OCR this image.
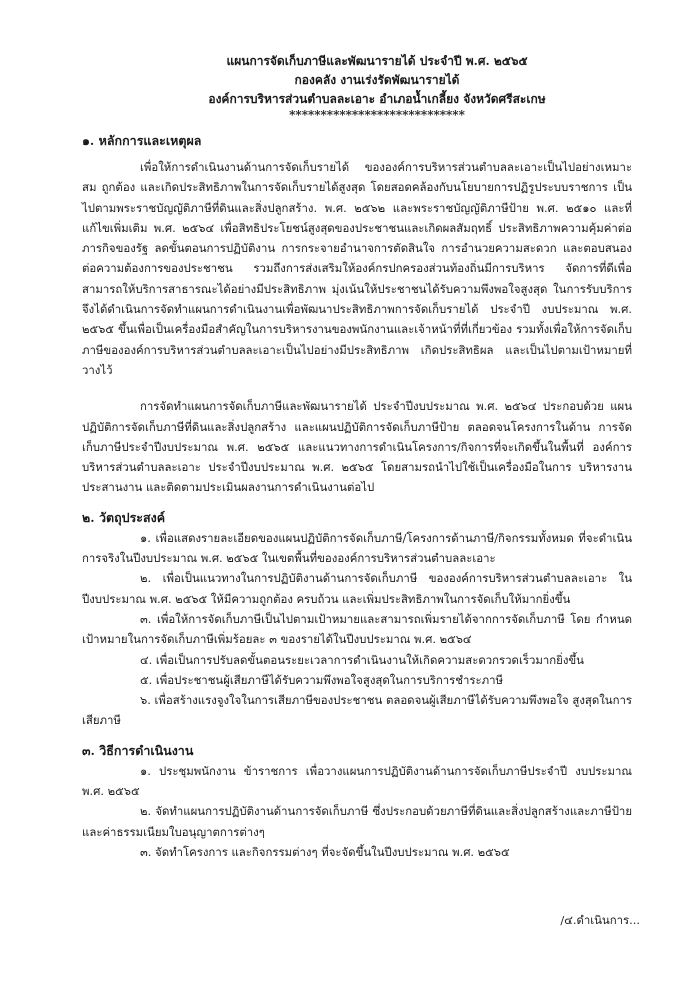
แผนการจัดเก็บภาษีและพัฒนารายได้ ประจำปี พ.ศ. ๒๕๖๕
กองคลัง งานเร่งรัดพัฒนารายได้
องค์การบริหารส่วนตำบลละเอาะ อำเภอน้ำเกลี้ยง จังหวัดศรีสะเกษ
****************************
๑. หลักการและเหตุผล

เพื่อให้การดำเนินงานด้านการจัดเก็บรายได้ ขององค์การบริหารส่วนตำบลละเอาะเป็นไปอย่างเหมาะสม ถูกต้อง และเกิดประสิทธิภาพในการจัดเก็บรายได้สูงสุด โดยสอดคล้องกับนโยบายการปฏิรูประบบราชการ เป็นไปตามพระราชบัญญัติภาษีที่ดินและสิ่งปลูกสร้าง. พ.ศ. ๒๕๖๒ และพระราชบัญญัติภาษีป้าย พ.ศ. ๒๕๑๐ และที่แก้ไขเพิ่มเติม พ.ศ. ๒๕๖๔ เพื่อสิทธิประโยชน์สูงสุดของประชาชนและเกิดผลสัมฤทธิ์ ประสิทธิภาพความคุ้มค่าต่อภารกิจของรัฐ ลดขั้นตอนการปฏิบัติงาน การกระจายอำนาจการตัดสินใจ การอำนวยความสะดวก และตอบสนองต่อความต้องการของประชาชน รวมถึงการส่งเสริมให้องค์กรปกครองส่วนท้องถิ่นมีการบริหาร จัดการที่ดีเพื่อสามารถให้บริการสาธารณะได้อย่างมีประสิทธิภาพ มุ่งเน้นให้ประชาชนได้รับความพึงพอใจสูงสุด ในการรับบริการ จึงได้ดำเนินการจัดทำแผนการดำเนินงานเพื่อพัฒนาประสิทธิภาพการจัดเก็บรายได้ ประจำปี งบประมาณ พ.ศ. ๒๕๖๕ ขึ้นเพื่อเป็นเครื่องมือสำคัญในการบริหารงานของพนักงานและเจ้าหน้าที่ที่เกี่ยวข้อง รวมทั้งเพื่อให้การจัดเก็บภาษีขององค์การบริหารส่วนตำบลละเอาะเป็นไปอย่างมีประสิทธิภาพ เกิดประสิทธิผล และเป็นไปตามเป้าหมายที่วางไว้

การจัดทำแผนการจัดเก็บภาษีและพัฒนารายได้ ประจำปีงบประมาณ พ.ศ. ๒๕๖๔ ประกอบด้วย แผนปฏิบัติการจัดเก็บภาษีที่ดินและสิ่งปลูกสร้าง และแผนปฏิบัติการจัดเก็บภาษีป้าย ตลอดจนโครงการในด้าน การจัดเก็บภาษีประจำปีงบประมาณ พ.ศ. ๒๕๖๕ และแนวทางการดำเนินโครงการ/กิจการที่จะเกิดขึ้นในพื้นที่ องค์การบริหารส่วนตำบลละเอาะ ประจำปีงบประมาณ พ.ศ. ๒๕๖๕ โดยสามรถนำไปใช้เป็นเครื่องมือในการ บริหารงาน ประสานงาน และติดตามประเมินผลงานการดำเนินงานต่อไป

๒. วัตถุประสงค์

๑. เพื่อแสดงรายละเอียดของแผนปฏิบัติการจัดเก็บภาษี/โครงการด้านภาษี/กิจกรรมทั้งหมด ที่จะดำเนินการจริงในปีงบประมาณ พ.ศ. ๒๕๖๕ ในเขตพื้นที่ขององค์การบริหารส่วนตำบลละเอาะ

๒. เพื่อเป็นแนวทางในการปฏิบัติงานด้านการจัดเก็บภาษี ขององค์การบริหารส่วนตำบลละเอาะ ในปีงบประมาณ พ.ศ. ๒๕๖๕ ให้มีความถูกต้อง ครบถ้วน และเพิ่มประสิทธิภาพในการจัดเก็บให้มากยิ่งขึ้น

๓. เพื่อให้การจัดเก็บภาษีเป็นไปตามเป้าหมายและสามารถเพิ่มรายได้จากการจัดเก็บภาษี โดย กำหนดเป้าหมายในการจัดเก็บภาษีเพิ่มร้อยละ ๓ ของรายได้ในปีงบประมาณ พ.ศ. ๒๕๖๔

๔. เพื่อเป็นการปรับลดขั้นตอนระยะเวลาการดำเนินงานให้เกิดความสะดวกรวดเร็วมากยิ่งขึ้น

๕. เพื่อประชาชนผู้เสียภาษีได้รับความพึงพอใจสูงสุดในการบริการชำระภาษี

๖. เพื่อสร้างแรงจูงใจในการเสียภาษีของประชาชน ตลอดจนผู้เสียภาษีได้รับความพึงพอใจ สูงสุดในการเสียภาษี

๓. วิธีการดำเนินงาน

๑. ประชุมพนักงาน ข้าราชการ เพื่อวางแผนการปฏิบัติงานด้านการจัดเก็บภาษีประจำปี งบประมาณ พ.ศ. ๒๕๖๕

๒. จัดทำแผนการปฏิบัติงานด้านการจัดเก็บภาษี ซึ่งประกอบด้วยภาษีที่ดินและสิ่งปลูกสร้างและภาษีป้าย และค่าธรรมเนียมใบอนุญาตการต่างๆ

๓. จัดทำโครงการ และกิจกรรมต่างๆ ที่จะจัดขึ้นในปีงบประมาณ พ.ศ. ๒๕๖๕

/๔.ดำเนินการ...
